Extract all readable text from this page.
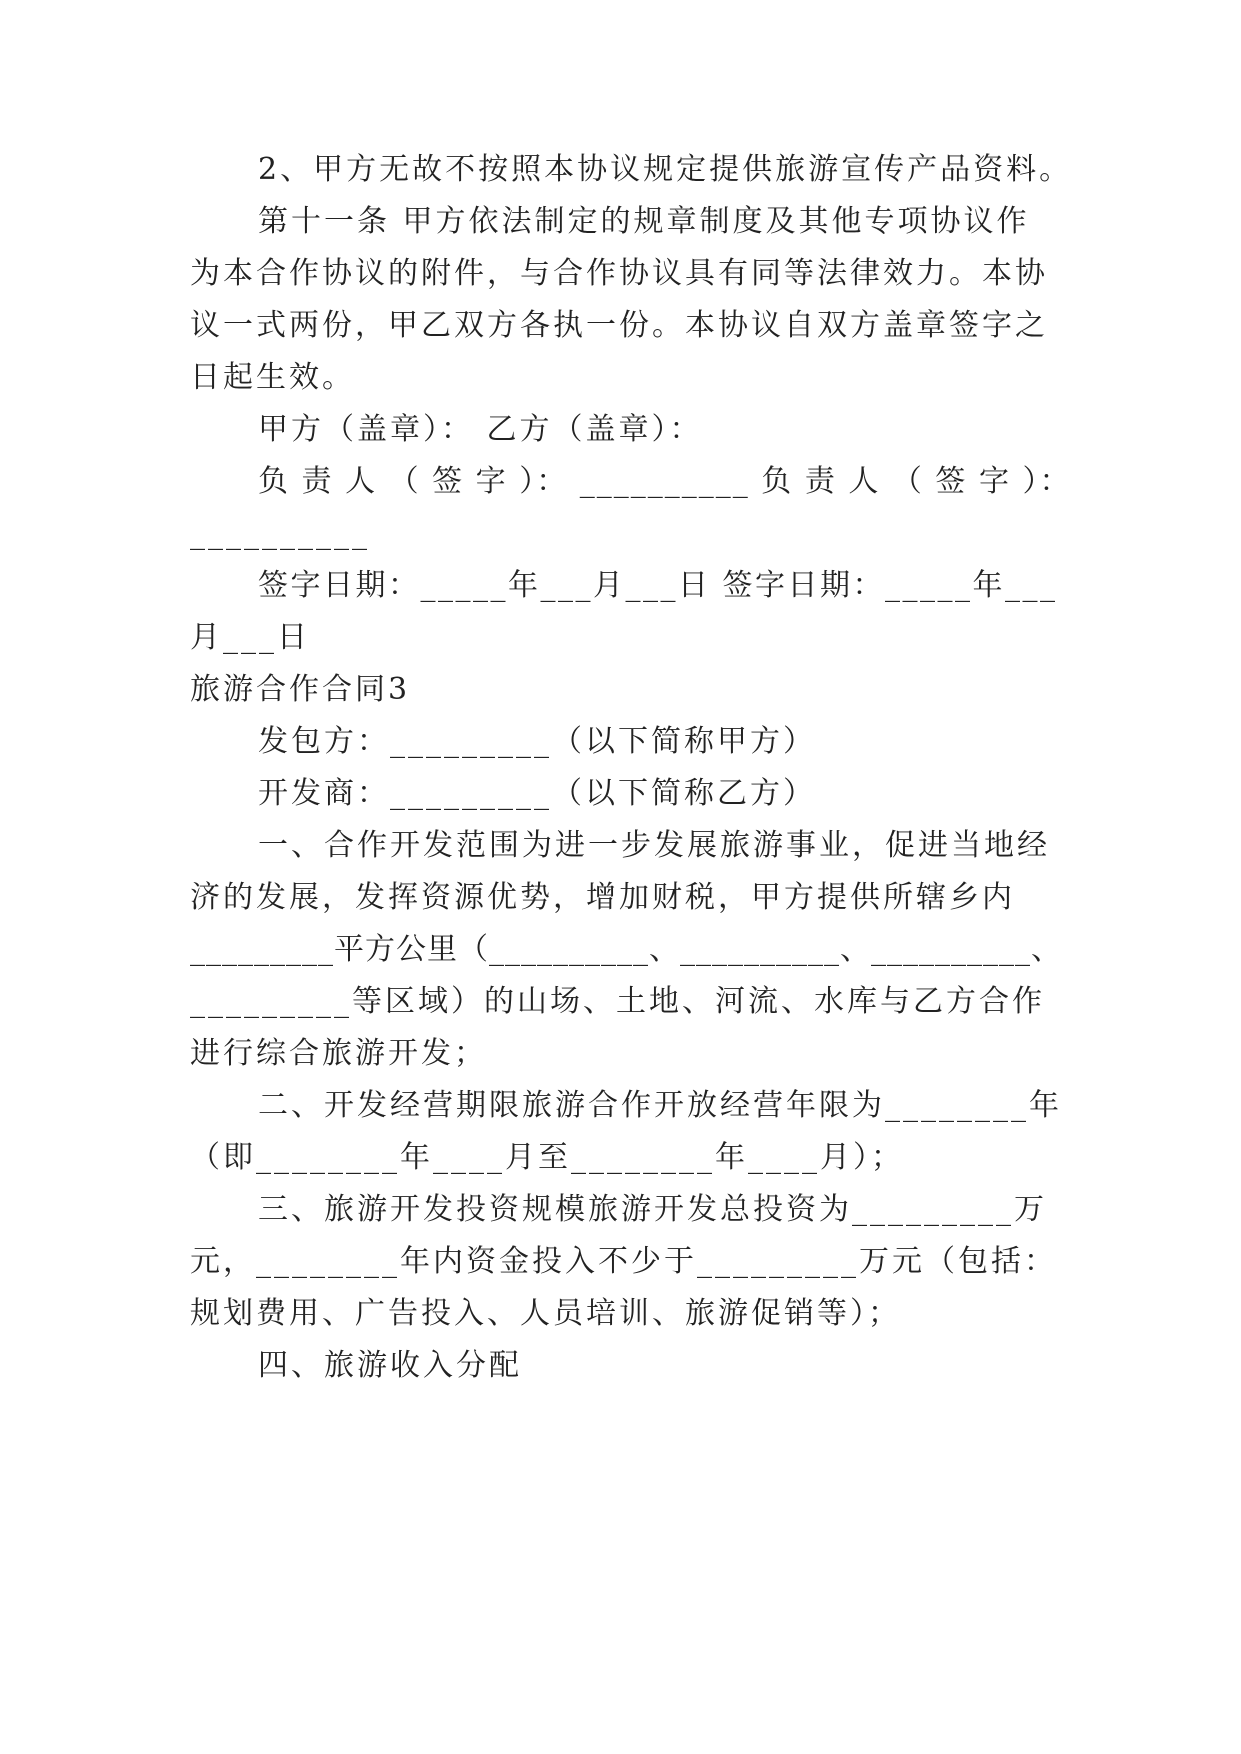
2、甲方无故不按照本协议规定提供旅游宣传产品资料。
第十一条 甲方依法制定的规章制度及其他专项协议作
为本合作协议的附件，与合作协议具有同等法律效力。本协
议一式两份，甲乙双方各执一份。本协议自双方盖章签字之
日起生效。
甲方（盖章）： 乙方（盖章）：
负 责 人 （ 签 字 ）： __________ 负 责 人 （ 签 字 ）：
__________
签字日期：_____年___月___日 签字日期：_____年___
月___日
旅游合作合同3
发包方：_________（以下简称甲方）
开发商：_________（以下简称乙方）
一、合作开发范围为进一步发展旅游事业，促进当地经
济的发展，发挥资源优势，增加财税，甲方提供所辖乡内
_________平方公里（__________、__________、__________、
_________等区域）的山场、土地、河流、水库与乙方合作
进行综合旅游开发；
二、开发经营期限旅游合作开放经营年限为________年
（即________年____月至________年____月）；
三、旅游开发投资规模旅游开发总投资为_________万
元，________年内资金投入不少于_________万元（包括：
规划费用、广告投入、人员培训、旅游促销等）；
四、旅游收入分配
